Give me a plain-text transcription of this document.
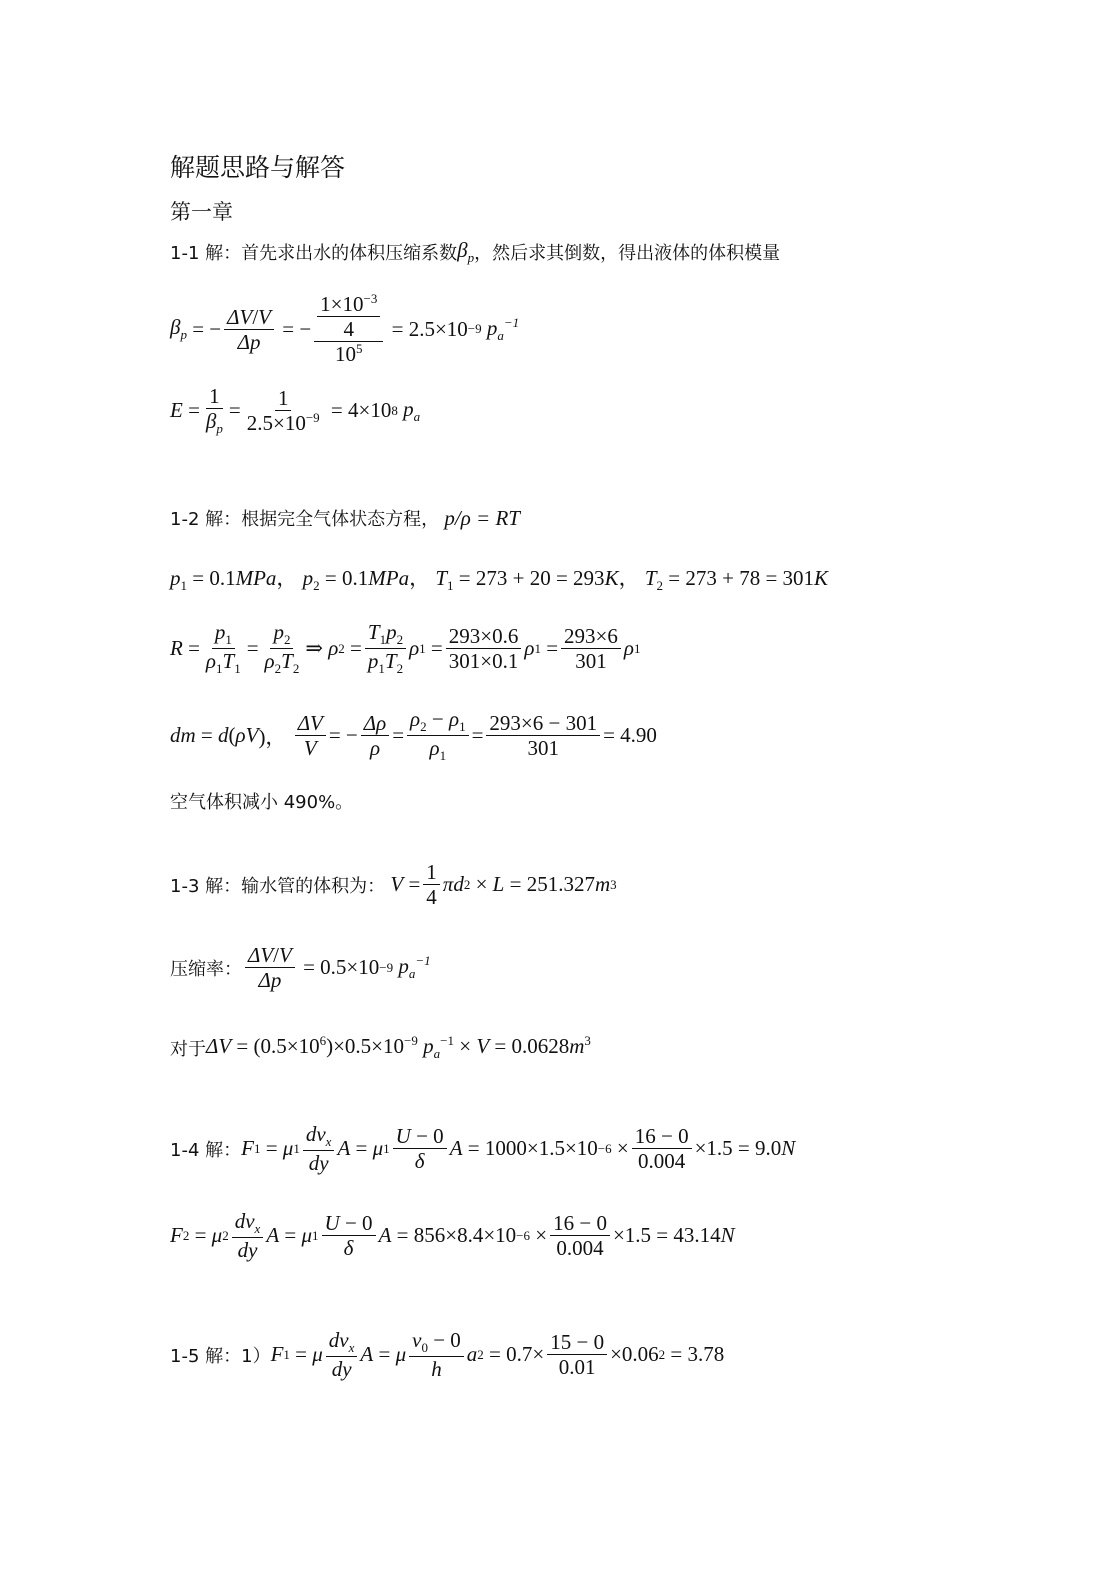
解题思路与解答
第一章
1-1 解：首先求出水的体积压缩系数 $\beta_p$ ，然后求其倒数，得出液体的体积模量
$\beta_p$ = − $\frac{\Delta V/V}{\Delta p}$ = − $\frac{\frac{1\times 10^{-3}}{4}}{10^5} = 2.5\times 10 -9$
$p_a^{-1}$
$E = \frac{1}{\beta_p} = \frac{1}{2.5\times 10^{-9}} = 4\times 10$ 8
$p_a$
1-2 解：根据完全气体状态方程， p/ρ = RT
$p_1 = 0.1MPa$， $p_2 = 0.1MPa$， $T_1 = 273 + 20 = 293K$， $T_2 = 273 + 78 = 301K$
$R = \frac{p_1}{\rho_1T_1} = \frac{p_2}{\rho_2T_2}$ ⇒ ρ $2 = \frac{T_1p_2}{p_1T_2}$ ρ $1 = \frac{293\times 0.6}{301\times 0.1}$ ρ $1 = \frac{293\times 6}{301}$ ρ 1
dm = d ( ρV )， $\frac{\Delta V}{V}$ = − $\frac{\Delta\rho}{\rho} = \frac{\rho_2 - \rho_1}{\rho_1} = \frac{293\times 6 - 301}{301} = 4.90$
空气体积减小 490%。
1-3 解：输水管的体积为：
$V = \frac{1}{4}$ πd 2 × L = 251.327 m 3
压缩率： $\frac{\Delta V/V}{\Delta p} = 0.5\times 10 -9$
$p_a^{-1}$
对于 $\Delta V = (0.5\times 10^6)\times 0.5\times 10^{-9}$ $p_a^{-1} \times V = 0.0628m^3$
1-4 解： F 1 = μ $1 \frac{dv_x}{dy}$ A = μ $1 \frac{U - 0}{\delta}$ $A = 1000\times 1.5\times 10 -6 \times \frac{16 - 0}{0.004} \times 1.5 = 9.0$ N
F 2 = μ $2 \frac{dv_x}{dy}$ A = μ $1 \frac{U - 0}{\delta}$ $A = 856\times 8.4\times 10 -6 \times \frac{16 - 0}{0.004} \times 1.5 = 43.14$ N
1-5 解：1） F 1 = μ $\frac{dv_x}{dy}$ A = μ $\frac{v_0 - 0}{h}$ a $2 = 0.7\times \frac{15 - 0}{0.01} \times 0.06$ 2 = 3.78
